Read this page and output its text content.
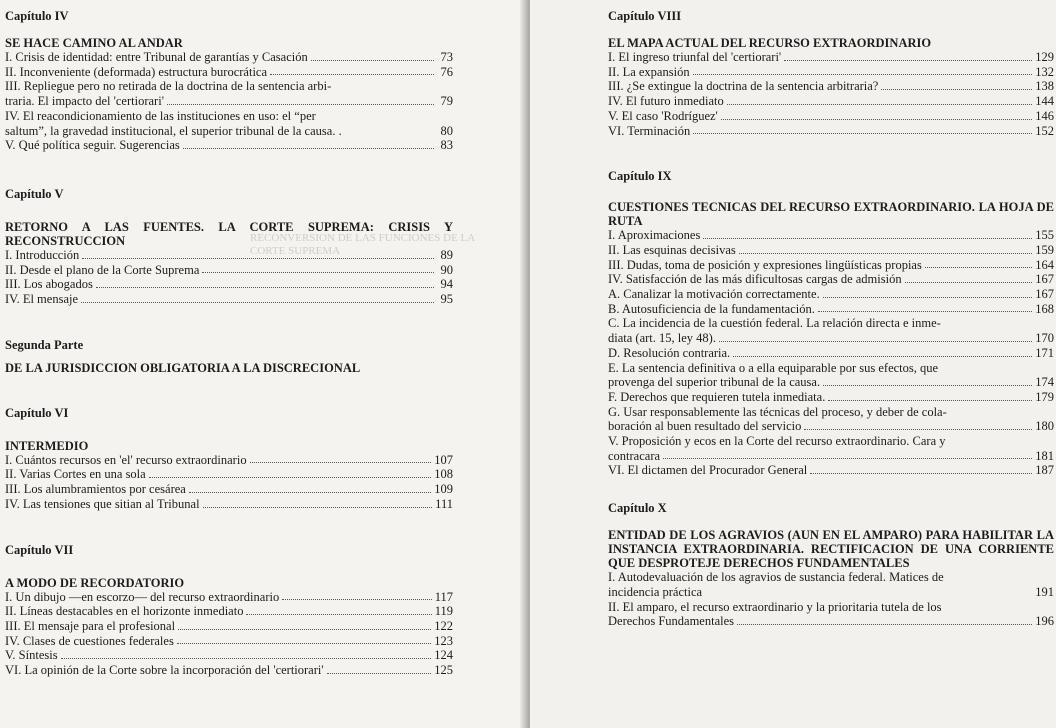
RECONVERSION DE LAS FUNCIONES DE LA CORTE SUPREMA
Capítulo IV
SE HACE CAMINO AL ANDAR
I. Crisis de identidad: entre Tribunal de garantías y Casación	73
II. Inconveniente (deformada) estructura burocrática	76
III. Repliegue pero no retirada de la doctrina de la sentencia arbi-
traria. El impacto del 'certiorari'	79
IV. El reacondicionamiento de las instituciones en uso: el “per
saltum”, la gravedad institucional, el superior tribunal de la causa. .	80
V. Qué política seguir. Sugerencias	83
Capítulo V
RETORNO A LAS FUENTES. LA CORTE SUPREMA: CRISIS Y RECONSTRUCCION
I. Introducción	89
II. Desde el plano de la Corte Suprema	90
III. Los abogados	94
IV. El mensaje	95
Segunda Parte
DE LA JURISDICCION OBLIGATORIA A LA DISCRECIONAL
Capítulo VI
INTERMEDIO
I. Cuántos recursos en 'el' recurso extraordinario	107
II. Varias Cortes en una sola	108
III. Los alumbramientos por cesárea	109
IV. Las tensiones que sitian al Tribunal	111
Capítulo VII
A MODO DE RECORDATORIO
I. Un dibujo —en escorzo— del recurso extraordinario	117
II. Líneas destacables en el horizonte inmediato	119
III. El mensaje para el profesional	122
IV. Clases de cuestiones federales	123
V. Síntesis	124
VI. La opinión de la Corte sobre la incorporación del 'certiorari'	125
Capítulo VIII
EL MAPA ACTUAL DEL RECURSO EXTRAORDINARIO
I. El ingreso triunfal del 'certiorari'	129
II. La expansión	132
III. ¿Se extingue la doctrina de la sentencia arbitraria?	138
IV. El futuro inmediato	144
V. El caso 'Rodríguez'	146
VI. Terminación	152
Capítulo IX
CUESTIONES TECNICAS DEL RECURSO EXTRAORDINARIO. LA HOJA DE RUTA
I. Aproximaciones	155
II. Las esquinas decisivas	159
III. Dudas, toma de posición y expresiones lingüísticas propias	164
IV. Satisfacción de las más dificultosas cargas de admisión	167
A. Canalizar la motivación correctamente.	167
B. Autosuficiencia de la fundamentación.	168
C. La incidencia de la cuestión federal. La relación directa e inme-
diata (art. 15, ley 48).	170
D. Resolución contraria.	171
E. La sentencia definitiva o a ella equiparable por sus efectos, que
provenga del superior tribunal de la causa.	174
F. Derechos que requieren tutela inmediata.	179
G. Usar responsablemente las técnicas del proceso, y deber de cola-
boración al buen resultado del servicio	180
V. Proposición y ecos en la Corte del recurso extraordinario. Cara y
contracara	181
VI. El dictamen del Procurador General	187
Capítulo X
ENTIDAD DE LOS AGRAVIOS (AUN EN EL AMPARO) PARA HABILITAR LA INSTANCIA EXTRAORDINARIA. RECTIFICACION DE UNA CORRIENTE QUE DESPROTEJE DERECHOS FUNDAMENTALES
I. Autodevaluación de los agravios de sustancia federal. Matices de
incidencia práctica	191
II. El amparo, el recurso extraordinario y la prioritaria tutela de los
Derechos Fundamentales	196
